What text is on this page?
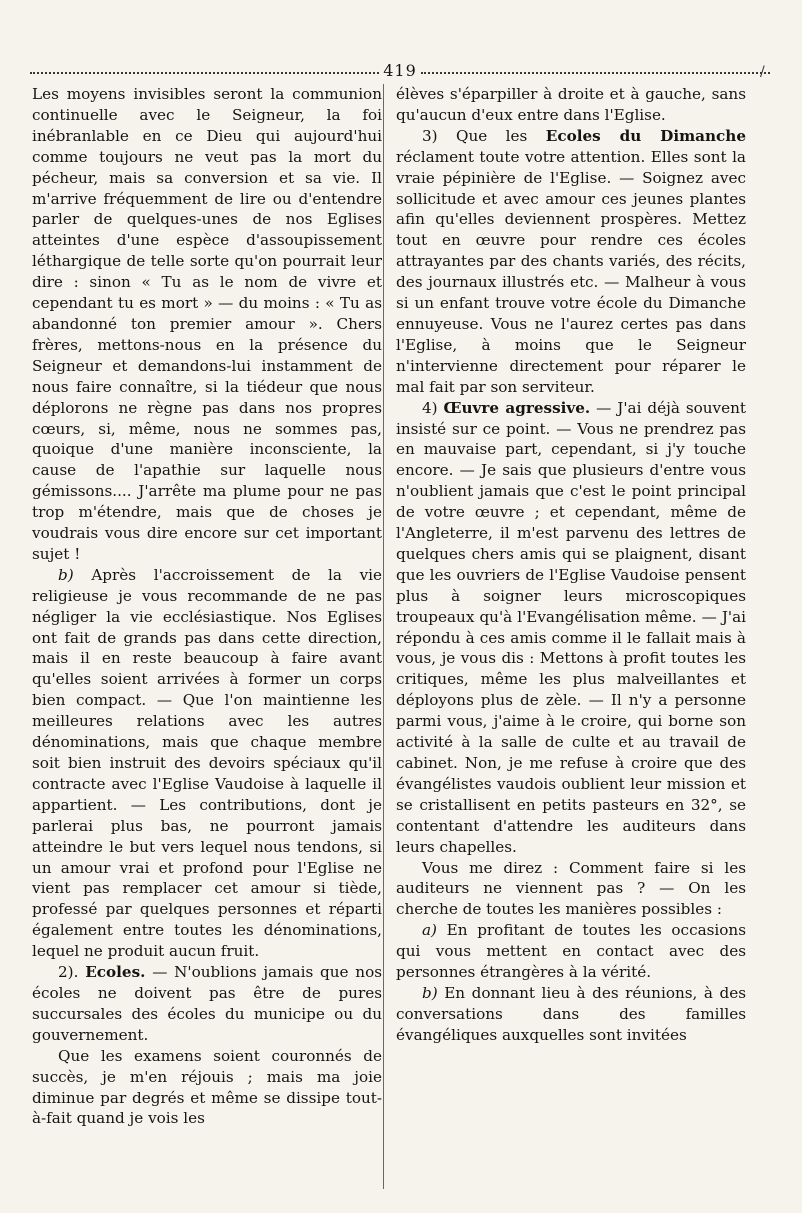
419	/

Les moyens invisibles seront la communion continuelle avec le Seigneur, la foi inébranlable en ce Dieu qui aujourd'hui comme toujours ne veut pas la mort du pécheur, mais sa conversion et sa vie. Il m'arrive fréquemment de lire ou d'entendre parler de quelques-unes de nos Eglises atteintes d'une espèce d'assoupissement léthargique de telle sorte qu'on pourrait leur dire : sinon « Tu as le nom de vivre et cependant tu es mort » — du moins : « Tu as abandonné ton premier amour ». Chers frères, mettons-nous en la présence du Seigneur et demandons-lui instamment de nous faire connaître, si la tiédeur que nous déplorons ne règne pas dans nos propres cœurs, si, même, nous ne sommes pas, quoique d'une manière inconsciente, la cause de l'apathie sur laquelle nous gémissons.... J'arrête ma plume pour ne pas trop m'étendre, mais que de choses je voudrais vous dire encore sur cet important sujet !

b) Après l'accroissement de la vie religieuse je vous recommande de ne pas négliger la vie ecclésiastique. Nos Eglises ont fait de grands pas dans cette direction, mais il en reste beaucoup à faire avant qu'elles soient arrivées à former un corps bien compact. — Que l'on maintienne les meilleures relations avec les autres dénominations, mais que chaque membre soit bien instruit des devoirs spéciaux qu'il contracte avec l'Eglise Vaudoise à laquelle il appartient. — Les contributions, dont je parlerai plus bas, ne pourront jamais atteindre le but vers lequel nous tendons, si un amour vrai et profond pour l'Eglise ne vient pas remplacer cet amour si tiède, professé par quelques personnes et réparti également entre toutes les dénominations, lequel ne produit aucun fruit.

2). Ecoles. — N'oublions jamais que nos écoles ne doivent pas être de pures succursales des écoles du municipe ou du gouvernement.

Que les examens soient couronnés de succès, je m'en réjouis ; mais ma joie diminue par degrés et même se dissipe tout-à-fait quand je vois les

élèves s'éparpiller à droite et à gauche, sans qu'aucun d'eux entre dans l'Eglise.

3) Que les Ecoles du Dimanche réclament toute votre attention. Elles sont la vraie pépinière de l'Eglise. — Soignez avec sollicitude et avec amour ces jeunes plantes afin qu'elles deviennent prospères. Mettez tout en œuvre pour rendre ces écoles attrayantes par des chants variés, des récits, des journaux illustrés etc. — Malheur à vous si un enfant trouve votre école du Dimanche ennuyeuse. Vous ne l'aurez certes pas dans l'Eglise, à moins que le Seigneur n'intervienne directement pour réparer le mal fait par son serviteur.

4) Œuvre agressive. — J'ai déjà souvent insisté sur ce point. — Vous ne prendrez pas en mauvaise part, cependant, si j'y touche encore. — Je sais que plusieurs d'entre vous n'oublient jamais que c'est le point principal de votre œuvre ; et cependant, même de l'Angleterre, il m'est parvenu des lettres de quelques chers amis qui se plaignent, disant que les ouvriers de l'Eglise Vaudoise pensent plus à soigner leurs microscopiques troupeaux qu'à l'Evangélisation même. — J'ai répondu à ces amis comme il le fallait mais à vous, je vous dis : Mettons à profit toutes les critiques, même les plus malveillantes et déployons plus de zèle. — Il n'y a personne parmi vous, j'aime à le croire, qui borne son activité à la salle de culte et au travail de cabinet. Non, je me refuse à croire que des évangélistes vaudois oublient leur mission et se cristallisent en petits pasteurs en 32°, se contentant d'attendre les auditeurs dans leurs chapelles.

Vous me direz : Comment faire si les auditeurs ne viennent pas ? — On les cherche de toutes les manières possibles :

a) En profitant de toutes les occasions qui vous mettent en contact avec des personnes étrangères à la vérité.

b) En donnant lieu à des réunions, à des conversations dans des familles évangéliques auxquelles sont invitées
